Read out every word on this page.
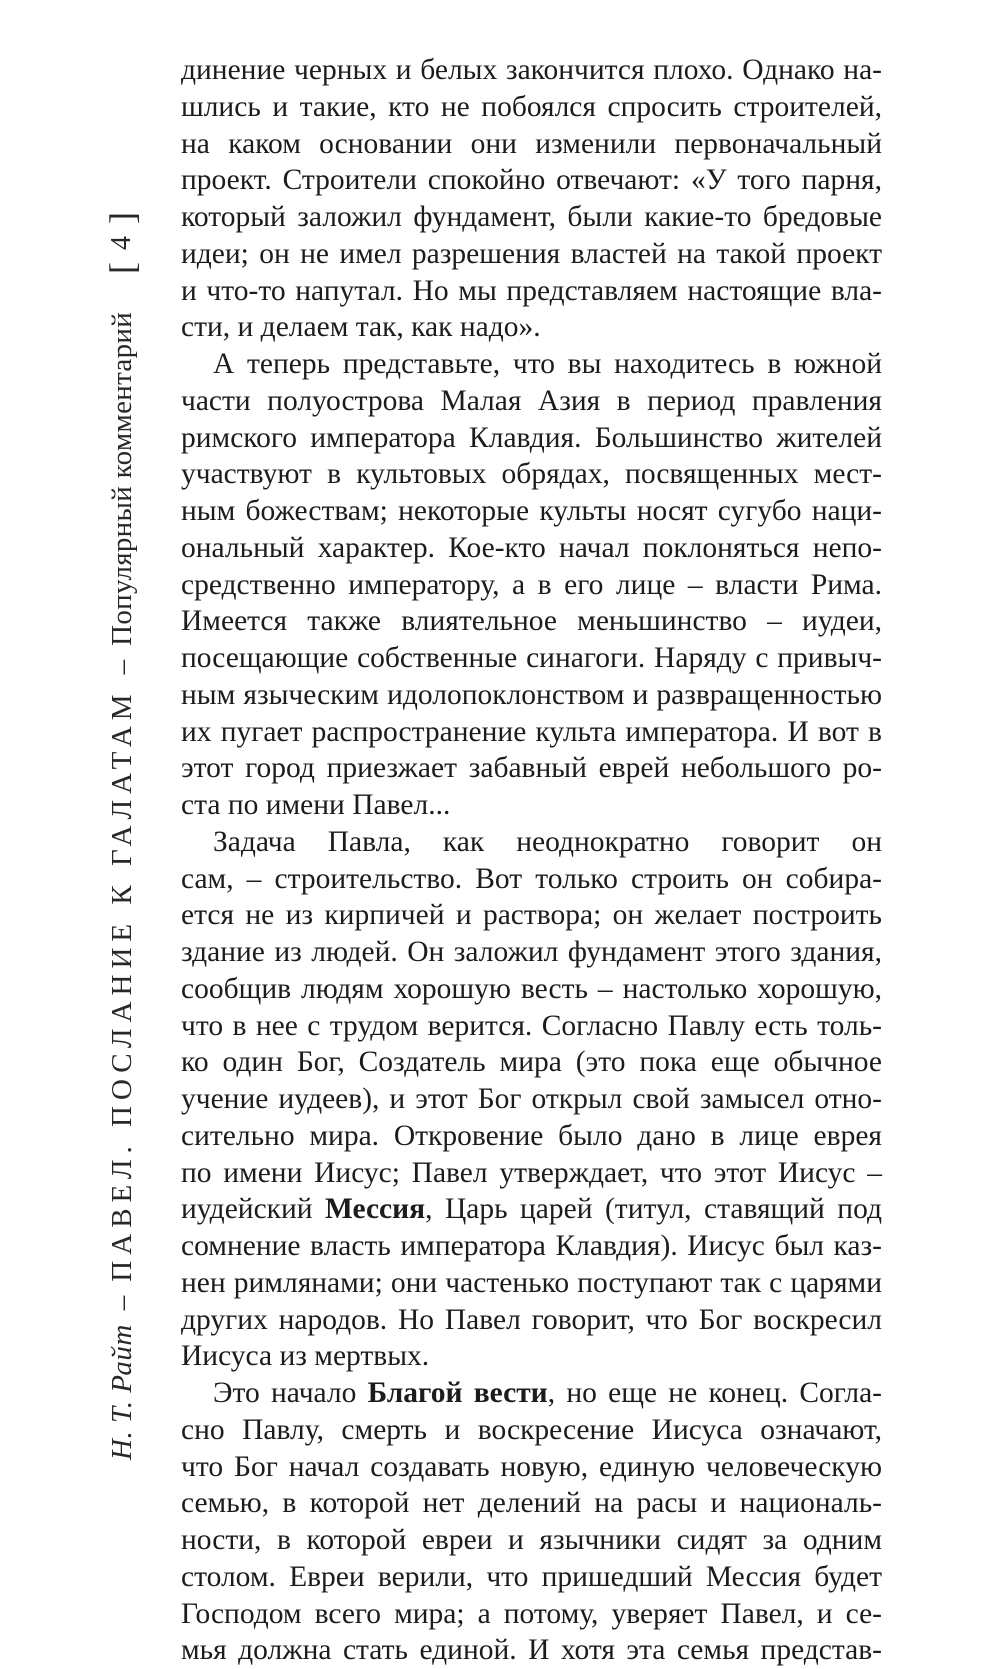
Н. Т. Райт
–
ПАВЕЛ. ПОСЛАНИЕ К ГАЛАТАМ
–
Популярный комментарий
[
4
]

динение черных и белых закончится плохо. Однако на-

шлись и такие, кто не побоялся спросить строителей,

на каком основании они изменили первоначальный

проект. Строители спокойно отвечают: «У того парня,

который заложил фундамент, были какие-то бредовые

идеи; он не имел разрешения властей на такой проект

и что-то напутал. Но мы представляем настоящие вла-

сти, и делаем так, как надо».

А теперь представьте, что вы находитесь в южной

части полуострова Малая Азия в период правления

римского императора Клавдия. Большинство жителей

участвуют в культовых обрядах, посвященных мест-

ным божествам; некоторые культы носят сугубо наци-

ональный характер. Кое-кто начал поклоняться непо-

средственно императору, а в его лице – власти Рима.

Имеется также влиятельное меньшинство – иудеи,

посещающие собственные синагоги. Наряду с привыч-

ным языческим идолопоклонством и развращенностью

их пугает распространение культа императора. И вот в

этот город приезжает забавный еврей небольшого ро-

ста по имени Павел...

Задача Павла, как неоднократно говорит он

сам, – строительство. Вот только строить он собира-

ется не из кирпичей и раствора; он желает построить

здание из людей. Он заложил фундамент этого здания,

сообщив людям хорошую весть – настолько хорошую,

что в нее с трудом верится. Согласно Павлу есть толь-

ко один Бог, Создатель мира (это пока еще обычное

учение иудеев), и этот Бог открыл свой замысел отно-

сительно мира. Откровение было дано в лице еврея

по имени Иисус; Павел утверждает, что этот Иисус –

иудейский Мессия, Царь царей (титул, ставящий под

сомнение власть императора Клавдия). Иисус был каз-

нен римлянами; они частенько поступают так с царями

других народов. Но Павел говорит, что Бог воскресил

Иисуса из мертвых.

Это начало Благой вести, но еще не конец. Согла-

сно Павлу, смерть и воскресение Иисуса означают,

что Бог начал создавать новую, единую человеческую

семью, в которой нет делений на расы и националь-

ности, в которой евреи и язычники сидят за одним

столом. Евреи верили, что пришедший Мессия будет

Господом всего мира; а потому, уверяет Павел, и се-

мья должна стать единой. И хотя эта семья представ-
